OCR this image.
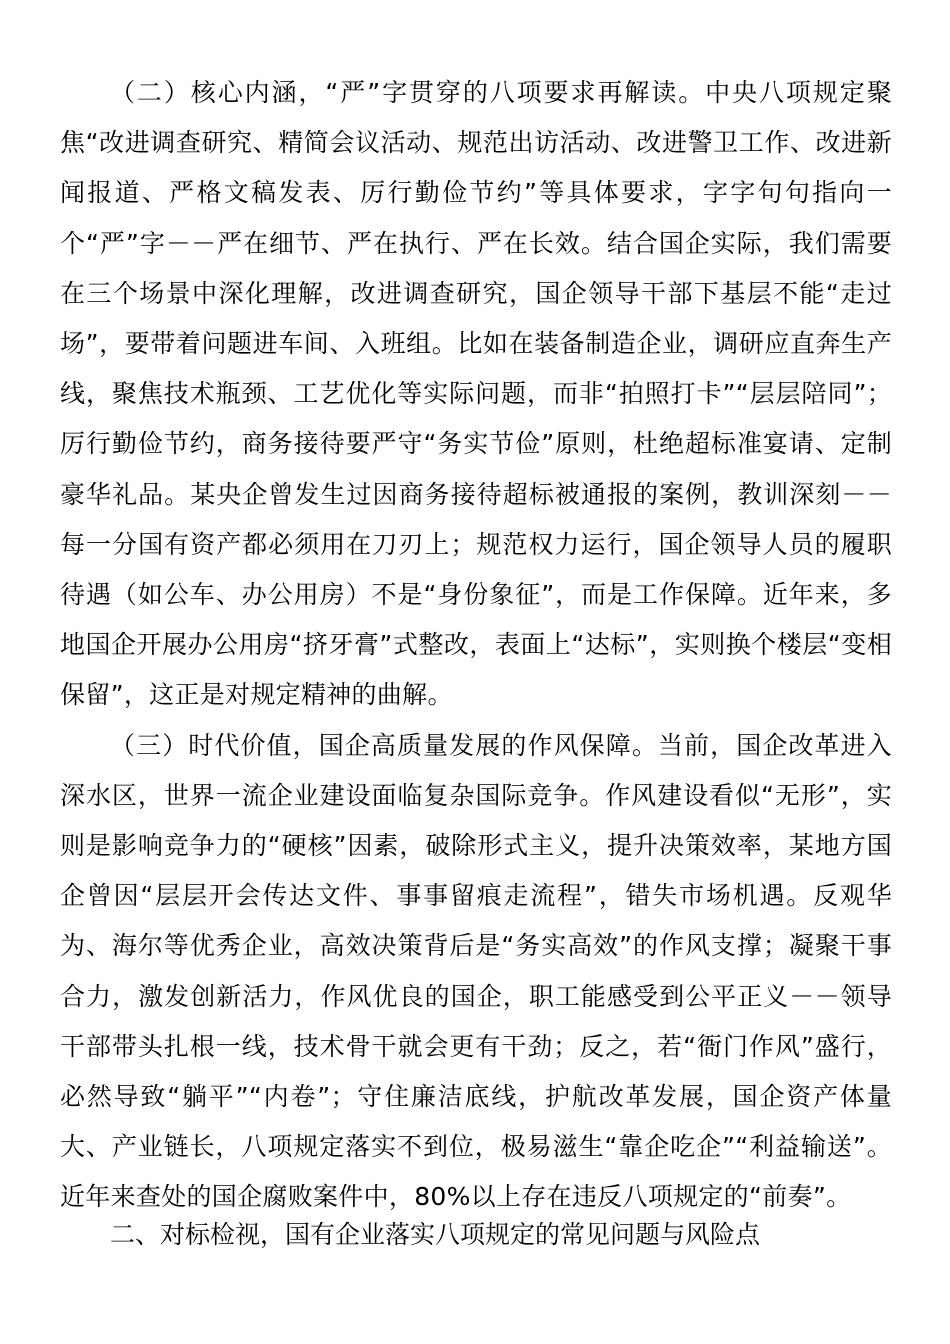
（二）核心内涵，“严”字贯穿的八项要求再解读。中央八项规定聚焦“改进调查研究、精简会议活动、规范出访活动、改进警卫工作、改进新闻报道、严格文稿发表、厉行勤俭节约”等具体要求，字字句句指向一个“严”字－－严在细节、严在执行、严在长效。结合国企实际，我们需要在三个场景中深化理解，改进调查研究，国企领导干部下基层不能“走过场”，要带着问题进车间、入班组。比如在装备制造企业，调研应直奔生产线，聚焦技术瓶颈、工艺优化等实际问题，而非“拍照打卡”“层层陪同”；厉行勤俭节约，商务接待要严守“务实节俭”原则，杜绝超标准宴请、定制豪华礼品。某央企曾发生过因商务接待超标被通报的案例，教训深刻－－每一分国有资产都必须用在刀刃上；规范权力运行，国企领导人员的履职待遇（如公车、办公用房）不是“身份象征”，而是工作保障。近年来，多地国企开展办公用房“挤牙膏”式整改，表面上“达标”，实则换个楼层“变相保留”，这正是对规定精神的曲解。

（三）时代价值，国企高质量发展的作风保障。当前，国企改革进入深水区，世界一流企业建设面临复杂国际竞争。作风建设看似“无形”，实则是影响竞争力的“硬核”因素，破除形式主义，提升决策效率，某地方国企曾因“层层开会传达文件、事事留痕走流程”，错失市场机遇。反观华为、海尔等优秀企业，高效决策背后是“务实高效”的作风支撑；凝聚干事合力，激发创新活力，作风优良的国企，职工能感受到公平正义－－领导干部带头扎根一线，技术骨干就会更有干劲；反之，若“衙门作风”盛行，必然导致“躺平”“内卷”；守住廉洁底线，护航改革发展，国企资产体量大、产业链长，八项规定落实不到位，极易滋生“靠企吃企”“利益输送”。近年来查处的国企腐败案件中，80%以上存在违反八项规定的“前奏”。

二、对标检视，国有企业落实八项规定的常见问题与风险点
